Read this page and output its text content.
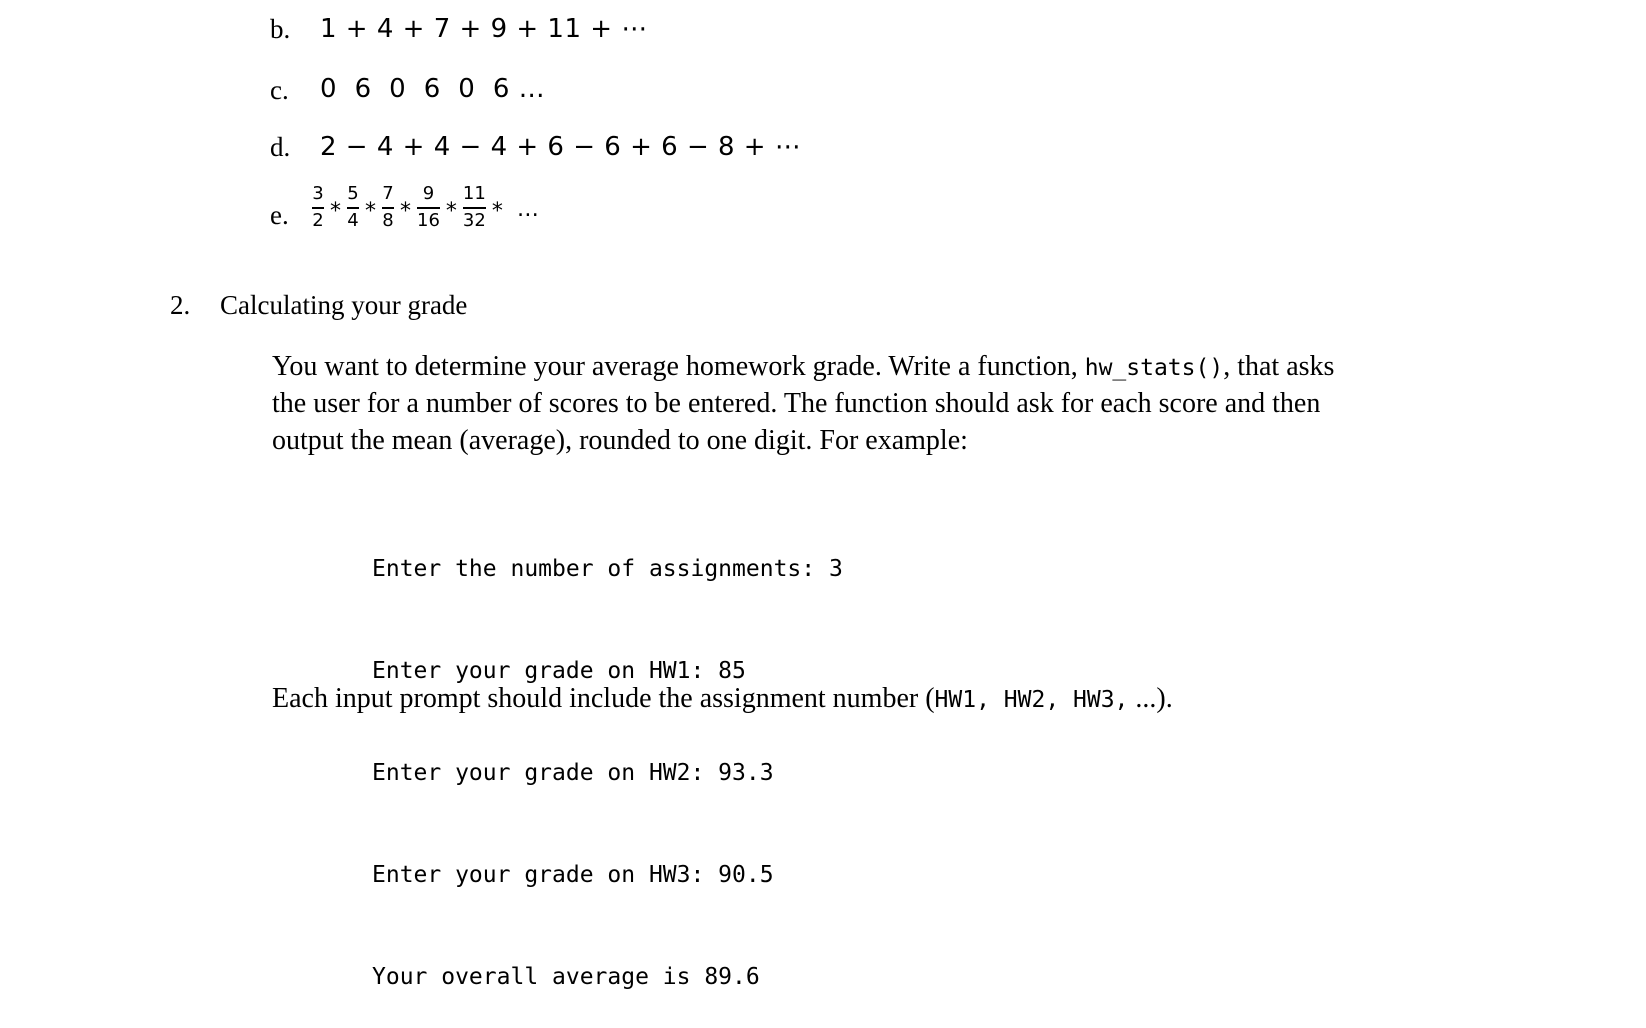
b. 1 + 4 + 7 + 9 + 11 + ⋯
c. 0  6  0  6  0  6 …
d. 2 − 4 + 4 − 4 + 6 − 6 + 6 − 8 + ⋯
e. $\frac{3}{2} * \frac{5}{4} * \frac{7}{8} * \frac{9}{16} * \frac{11}{32}$ * …
2. Calculating your grade
You want to determine your average homework grade. Write a function, hw_stats(), that asks
the user for a number of scores to be entered. The function should ask for each score and then
output the mean (average), rounded to one digit. For example:

Enter the number of assignments: 3

Enter your grade on HW1: 85

Enter your grade on HW2: 93.3

Enter your grade on HW3: 90.5

Your overall average is 89.6

Each input prompt should include the assignment number (HW1, HW2, HW3, ...).
